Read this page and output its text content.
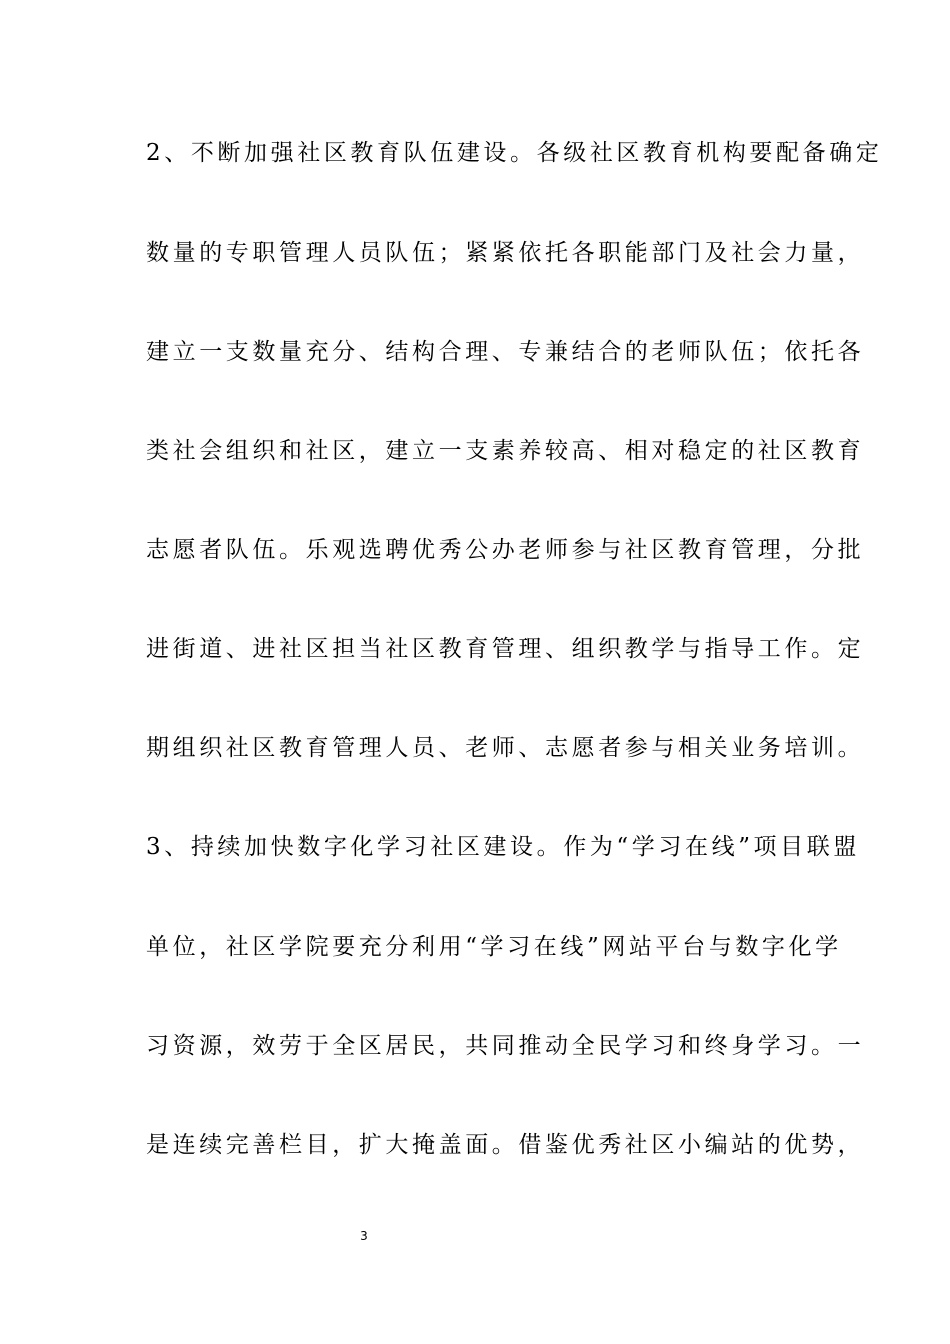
2、不断加强社区教育队伍建设。各级社区教育机构要配备确定
数量的专职管理人员队伍；紧紧依托各职能部门及社会力量，
建立一支数量充分、结构合理、专兼结合的老师队伍；依托各
类社会组织和社区，建立一支素养较高、相对稳定的社区教育
志愿者队伍。乐观选聘优秀公办老师参与社区教育管理，分批
进街道、进社区担当社区教育管理、组织教学与指导工作。定
期组织社区教育管理人员、老师、志愿者参与相关业务培训。
3、持续加快数字化学习社区建设。作为“学习在线”项目联盟
单位，社区学院要充分利用“学习在线”网站平台与数字化学
习资源，效劳于全区居民，共同推动全民学习和终身学习。一
是连续完善栏目，扩大掩盖面。借鉴优秀社区小编站的优势，
3
